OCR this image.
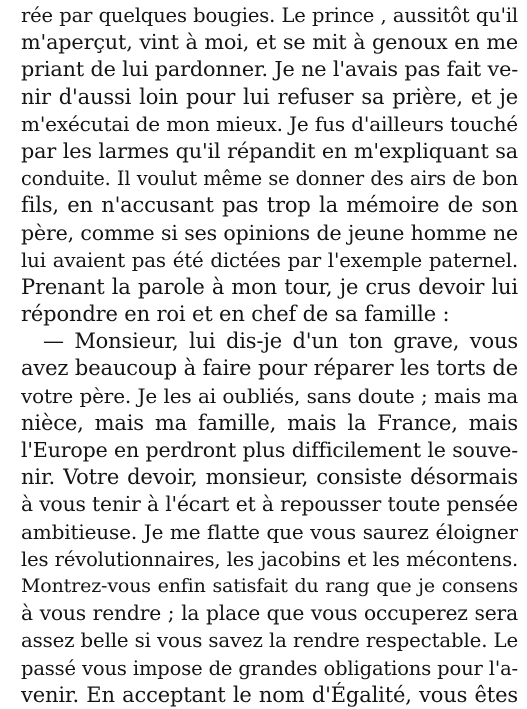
rée par quelques bougies. Le prince , aussitôt qu'il
m'aperçut, vint à moi, et se mit à genoux en me
priant de lui pardonner. Je ne l'avais pas fait ve-
nir d'aussi loin pour lui refuser sa prière, et je
m'exécutai de mon mieux. Je fus d'ailleurs touché
par les larmes qu'il répandit en m'expliquant sa
conduite. Il voulut même se donner des airs de bon
fils, en n'accusant pas trop la mémoire de son
père, comme si ses opinions de jeune homme ne
lui avaient pas été dictées par l'exemple paternel.
Prenant la parole à mon tour, je crus devoir lui
répondre en roi et en chef de sa famille :
— Monsieur, lui dis-je d'un ton grave, vous
avez beaucoup à faire pour réparer les torts de
votre père. Je les ai oubliés, sans doute ; mais ma
nièce, mais ma famille, mais la France, mais
l'Europe en perdront plus difficilement le souve-
nir. Votre devoir, monsieur, consiste désormais
à vous tenir à l'écart et à repousser toute pensée
ambitieuse. Je me flatte que vous saurez éloigner
les révolutionnaires, les jacobins et les mécontens.
Montrez-vous enfin satisfait du rang que je consens
à vous rendre ; la place que vous occuperez sera
assez belle si vous savez la rendre respectable. Le
passé vous impose de grandes obligations pour l'a-
venir. En acceptant le nom d'Égalité, vous êtes
